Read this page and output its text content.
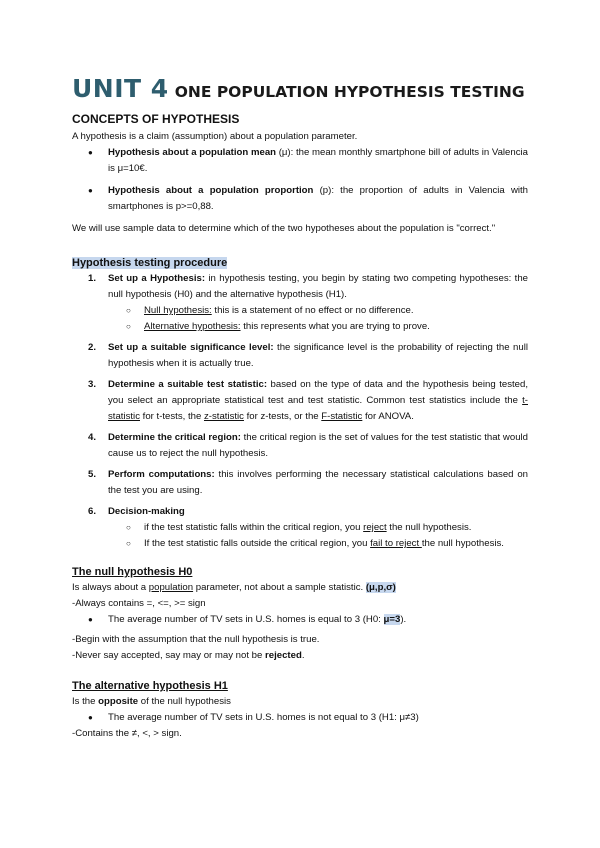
UNIT 4 ONE POPULATION HYPOTHESIS TESTING
CONCEPTS OF HYPOTHESIS

A hypothesis is a claim (assumption) about a population parameter.

● Hypothesis about a population mean (μ): the mean monthly smartphone bill of adults in Valencia is μ=10€.
● Hypothesis about a population proportion (p): the proportion of adults in Valencia with smartphones is p>=0,88.

We will use sample data to determine which of the two hypotheses about the population is "correct."

Hypothesis testing procedure
1. Set up a Hypothesis: in hypothesis testing, you begin by stating two competing hypotheses: the null hypothesis (H0) and the alternative hypothesis (H1).
○ Null hypothesis: this is a statement of no effect or no difference.
○ Alternative hypothesis: this represents what you are trying to prove.
2. Set up a suitable significance level: the significance level is the probability of rejecting the null hypothesis when it is actually true.
3. Determine a suitable test statistic: based on the type of data and the hypothesis being tested, you select an appropriate statistical test and test statistic. Common test statistics include the t-statistic for t-tests, the z-statistic for z-tests, or the F-statistic for ANOVA.
4. Determine the critical region: the critical region is the set of values for the test statistic that would cause us to reject the null hypothesis.
5. Perform computations: this involves performing the necessary statistical calculations based on the test you are using.
6. Decision-making
○ if the test statistic falls within the critical region, you reject the null hypothesis.
○ If the test statistic falls outside the critical region, you fail to reject the null hypothesis.
The null hypothesis H0

Is always about a population parameter, not about a sample statistic. (μ,p,σ)

-Always contains =, <=, >= sign

● The average number of TV sets in U.S. homes is equal to 3 (H0: μ=3).

-Begin with the assumption that the null hypothesis is true.

-Never say accepted, say may or may not be rejected.

The alternative hypothesis H1

Is the opposite of the null hypothesis

● The average number of TV sets in U.S. homes is not equal to 3 (H1: μ≠3)

-Contains the ≠, <, > sign.
